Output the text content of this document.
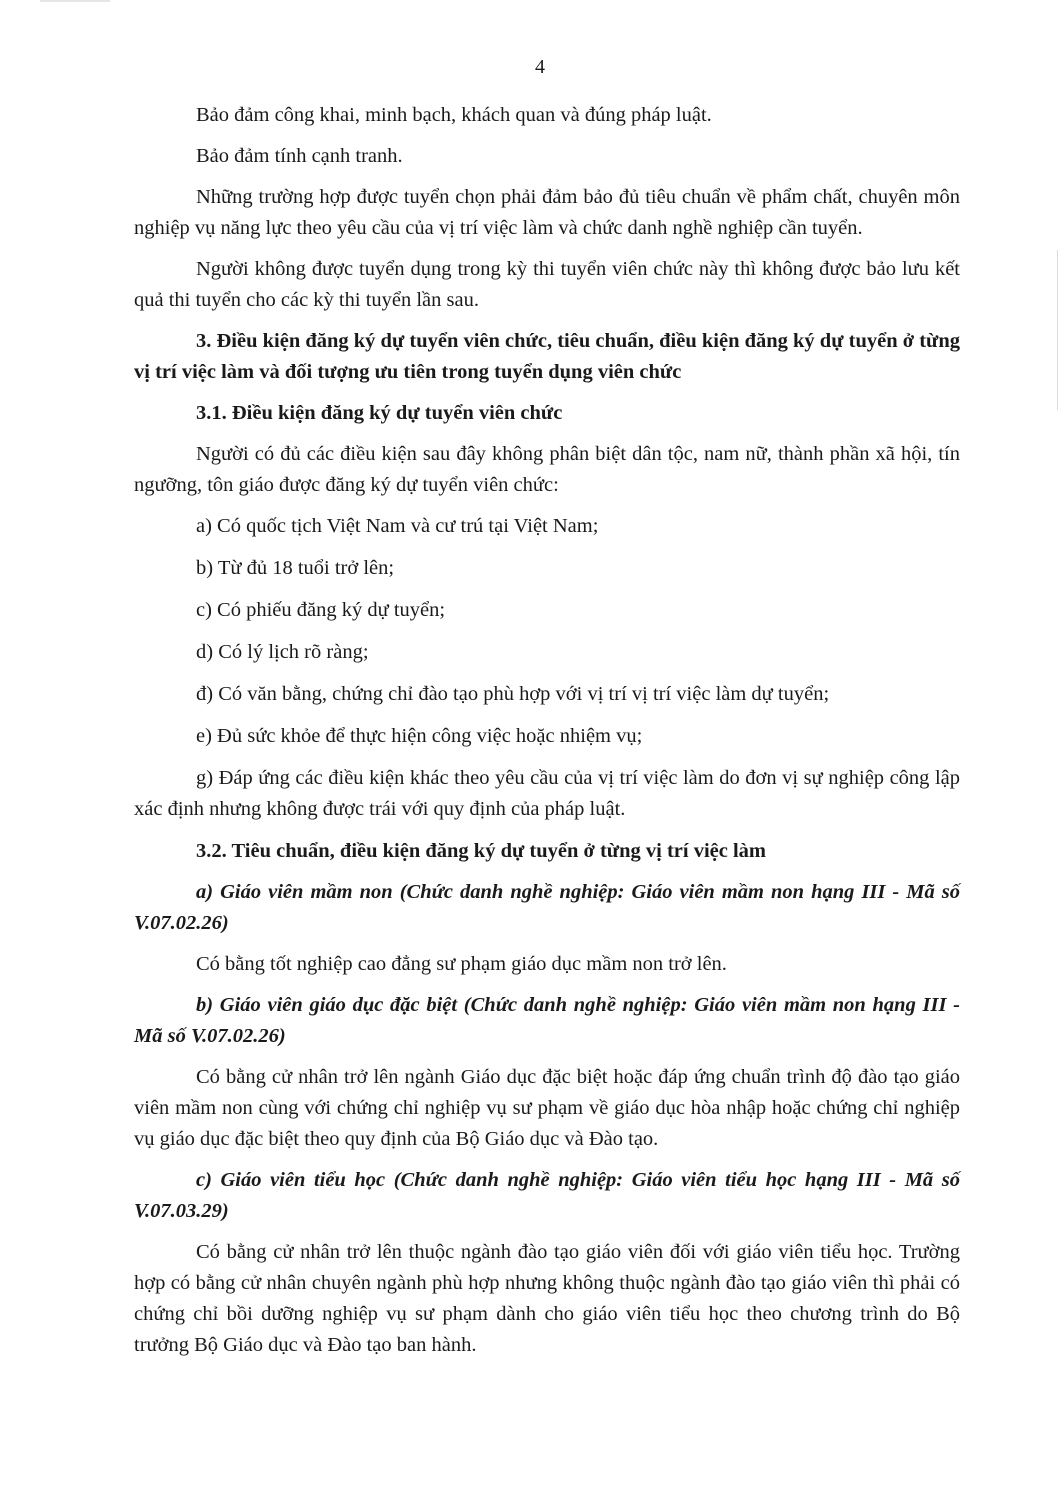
4

Bảo đảm công khai, minh bạch, khách quan và đúng pháp luật.

Bảo đảm tính cạnh tranh.

Những trường hợp được tuyển chọn phải đảm bảo đủ tiêu chuẩn về phẩm chất, chuyên môn nghiệp vụ năng lực theo yêu cầu của vị trí việc làm và chức danh nghề nghiệp cần tuyển.

Người không được tuyển dụng trong kỳ thi tuyển viên chức này thì không được bảo lưu kết quả thi tuyển cho các kỳ thi tuyển lần sau.

3. Điều kiện đăng ký dự tuyển viên chức, tiêu chuẩn, điều kiện đăng ký dự tuyển ở từng vị trí việc làm và đối tượng ưu tiên trong tuyển dụng viên chức

3.1. Điều kiện đăng ký dự tuyển viên chức

Người có đủ các điều kiện sau đây không phân biệt dân tộc, nam nữ, thành phần xã hội, tín ngưỡng, tôn giáo được đăng ký dự tuyển viên chức:

a) Có quốc tịch Việt Nam và cư trú tại Việt Nam;

b) Từ đủ 18 tuổi trở lên;

c) Có phiếu đăng ký dự tuyển;

d) Có lý lịch rõ ràng;

đ) Có văn bằng, chứng chỉ đào tạo phù hợp với vị trí vị trí việc làm dự tuyển;

e) Đủ sức khỏe để thực hiện công việc hoặc nhiệm vụ;

g) Đáp ứng các điều kiện khác theo yêu cầu của vị trí việc làm do đơn vị sự nghiệp công lập xác định nhưng không được trái với quy định của pháp luật.

3.2. Tiêu chuẩn, điều kiện đăng ký dự tuyển ở từng vị trí việc làm

a) Giáo viên mầm non (Chức danh nghề nghiệp: Giáo viên mầm non hạng III - Mã số V.07.02.26)

Có bằng tốt nghiệp cao đẳng sư phạm giáo dục mầm non trở lên.

b) Giáo viên giáo dục đặc biệt (Chức danh nghề nghiệp: Giáo viên mầm non hạng III - Mã số V.07.02.26)

Có bằng cử nhân trở lên ngành Giáo dục đặc biệt hoặc đáp ứng chuẩn trình độ đào tạo giáo viên mầm non cùng với chứng chỉ nghiệp vụ sư phạm về giáo dục hòa nhập hoặc chứng chỉ nghiệp vụ giáo dục đặc biệt theo quy định của Bộ Giáo dục và Đào tạo.

c) Giáo viên tiểu học (Chức danh nghề nghiệp: Giáo viên tiểu học hạng III - Mã số V.07.03.29)

Có bằng cử nhân trở lên thuộc ngành đào tạo giáo viên đối với giáo viên tiểu học. Trường hợp có bằng cử nhân chuyên ngành phù hợp nhưng không thuộc ngành đào tạo giáo viên thì phải có chứng chỉ bồi dưỡng nghiệp vụ sư phạm dành cho giáo viên tiểu học theo chương trình do Bộ trưởng Bộ Giáo dục và Đào tạo ban hành.
